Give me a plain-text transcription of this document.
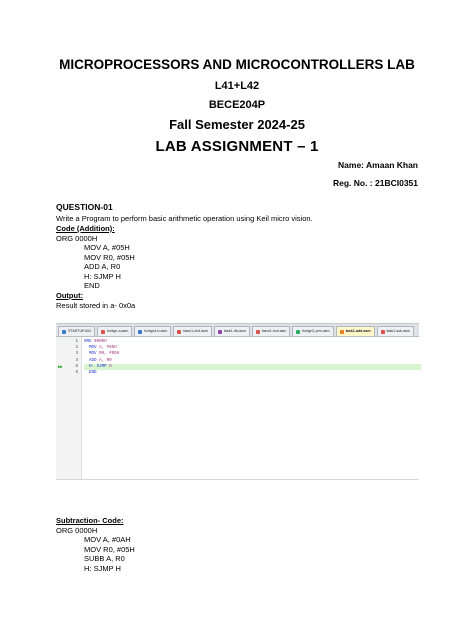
MICROPROCESSORS AND MICROCONTROLLERS LAB
L41+L42
BECE204P
Fall Semester 2024-25
LAB ASSIGNMENT – 1
Name: Amaan Khan
Reg. No. : 21BCI0351
QUESTION-01
Write a Program to perform basic arithmetic operation using Keil micro vision.
Code (Addition):
ORG 0000H
MOV A, #05H
MOV R0, #05H
ADD A, R0
H: SJMP H
END
Output:
Result stored in a- 0x0a
STARTUP.A51	funtgn-a.asm	funtgn4-b.asm	fasm1-dvd.asm	fask1-div.asm	fasm1-mul.asm	funtgn2-prm.asm	task1-add.asm	fask1-sub.asm
1
2
3
4
5
6
▸▸
ORG 0000H
MOV A, #05H
MOV R0, #05H
ADD A, R0
H: SJMP H
END
Subtraction- Code:
ORG 0000H
MOV A, #0AH
MOV R0, #05H
SUBB A, R0
H: SJMP H
